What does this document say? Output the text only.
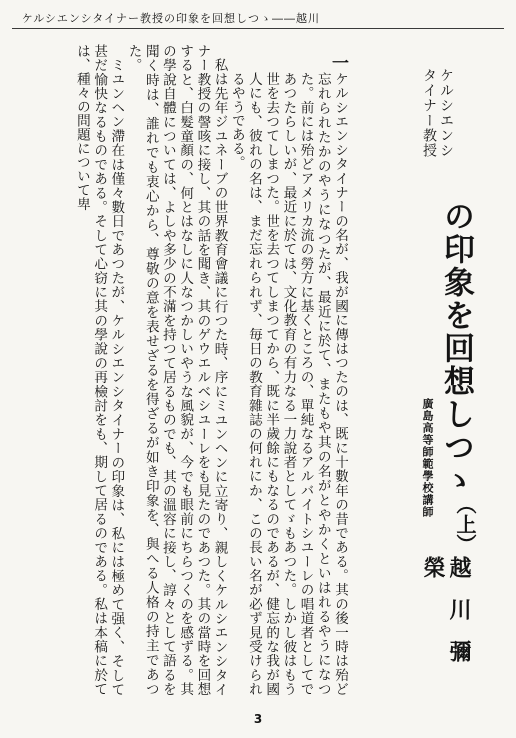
ケルシエンシタイナー教授の印象を回想しつゝ――越川
一
ケルシエンシ
タイナー教授
の印象を回想しつゝ
廣島高等師範學校講師
（上）
越川彌榮

ケルシエンシタイナーの名が、我が國に傳はつたのは、既に十數年の昔である。其の後一時は殆ど忘れられたかのやうになつたが、最近に於て、またもや其の名がとやかくといはれるやうになつた。前には殆どアメリカ流の勞方に基くところの、單純なるアルバイトシユーレの唱道者としてであつたらしいが、最近に於ては、文化教育の有力なる一力說者としてゞもあつた。しかし彼はもう世を去つてしまつた。世を去つてしまつてから、既に半歲餘にもなるのであるが、健忘的な我が國人にも、彼れの名は、まだ忘れられず、毎日の教育雜誌の何れにか、この長い名が必ず見受けられるやうである。

私は先年ジユネーブの世界教育會議に行つた時、序にミユンヘンに立寄り、親しくケルシエンシタイナー教授の謦咳に接し、其の話を聞き、其のゲウエルベシユーレをも見たのであつた。其の當時を回想すると、白髮童顏の、何とはなしに人なつかしいやうな風貌が、今でも眼前にちらつくのを感ずる。其の學說自體については、よしや多少の不滿を持つて居るものでも、其の溫容に接し、諄々として語るを聞く時は、誰れでも衷心から、尊敬の意を表せざるを得ざるが如き印象を、與へる人格の持主であつた。

ミユンヘン滯在は僅々數日であつたが、ケルシエンシタイナーの印象は、私には極めて强く、そして甚だ愉快なるものである。そして心窃に其の學說の再檢討をも、期して居るのである。私は本稿に於ては、種々の問題について卑

3
